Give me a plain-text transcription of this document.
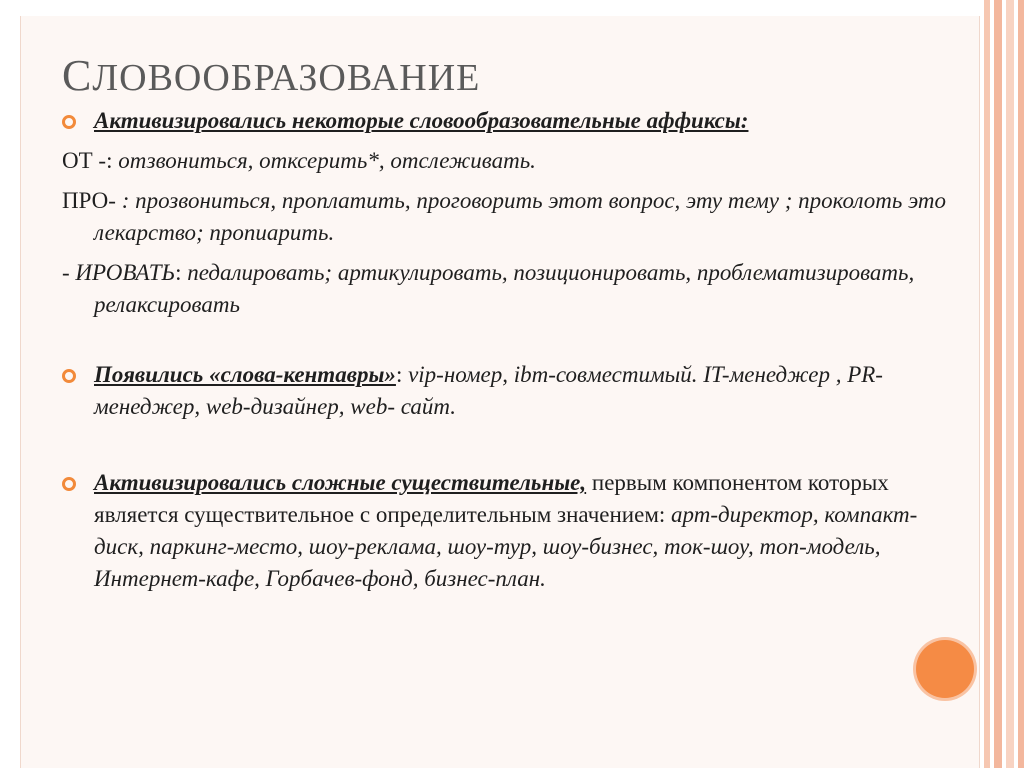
СЛОВООБРАЗОВАНИЕ
Активизировались некоторые словообразовательные аффиксы:
ОТ -: отзвониться, отксерить*, отслеживать.
ПРО- : прозвониться, проплатить, проговорить этот вопрос, эту тему ; проколоть это лекарство; пропиарить.
- ИРОВАТЬ: педалировать; артикулировать, позиционировать, проблематизировать, релаксировать
Появились «слова-кентавры»: vip-номер, ibm-совместимый. IT-менеджер , PR-менеджер, web-дизайнер, web- сайт.
Активизировались сложные существительные, первым компонентом которых является существительное с определительным значением: арт-директор, компакт-диск, паркинг-место, шоу-реклама, шоу-тур, шоу-бизнес, ток-шоу, топ-модель, Интернет-кафе, Горбачев-фонд, бизнес-план.
